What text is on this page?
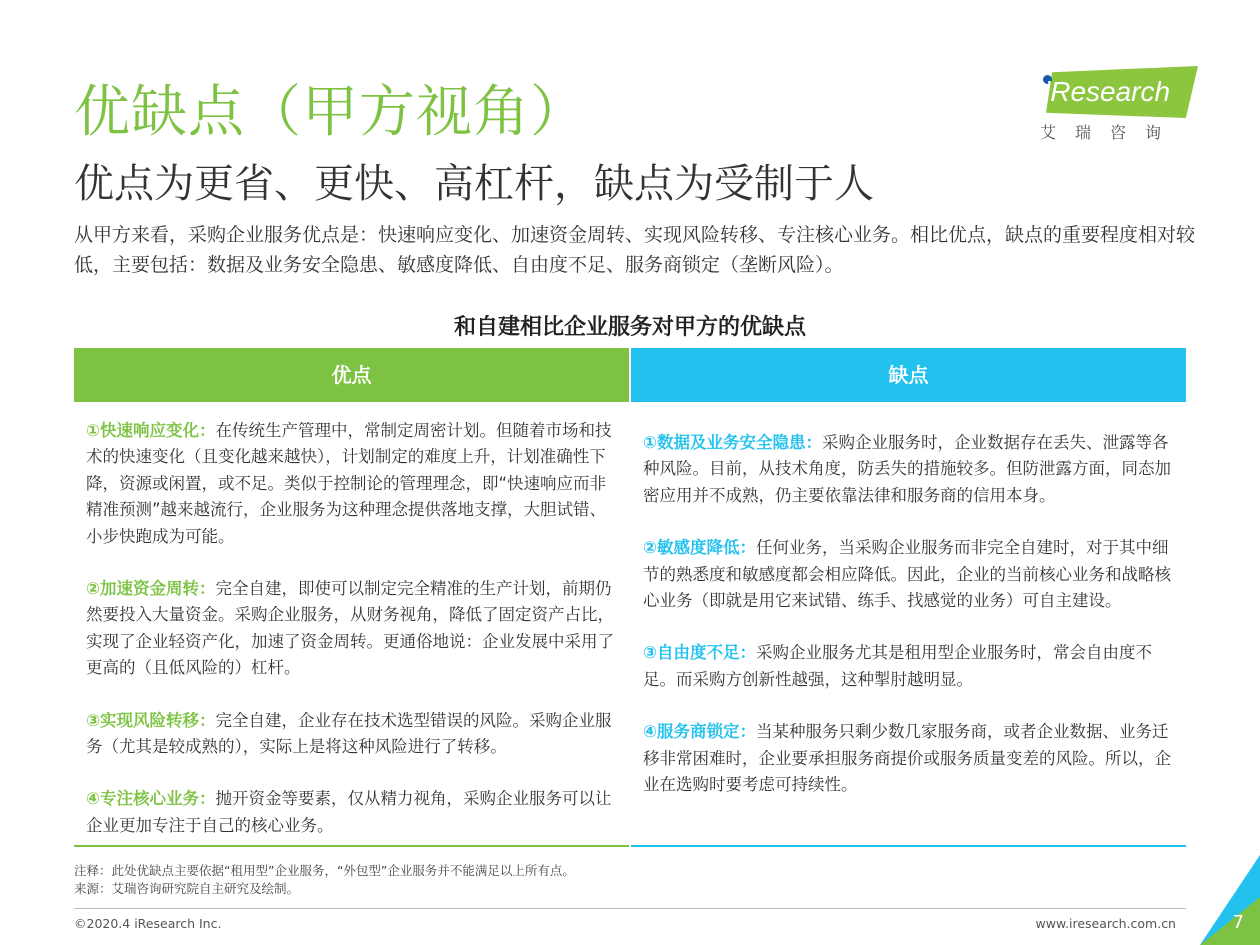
优缺点（甲方视角）
优点为更省、更快、高杠杆，缺点为受制于人
iResearch
艾瑞咨询
从甲方来看，采购企业服务优点是：快速响应变化、加速资金周转、实现风险转移、专注核心业务。相比优点，缺点的重要程度相对较低，主要包括：数据及业务安全隐患、敏感度降低、自由度不足、服务商锁定（垄断风险）。
和自建相比企业服务对甲方的优缺点
优点	缺点
①快速响应变化：在传统生产管理中，常制定周密计划。但随着市场和技术的快速变化（且变化越来越快），计划制定的难度上升，计划准确性下降，资源或闲置，或不足。类似于控制论的管理理念，即“快速响应而非精准预测”越来越流行，企业服务为这种理念提供落地支撑，大胆试错、小步快跑成为可能。
②加速资金周转：完全自建，即使可以制定完全精准的生产计划，前期仍然要投入大量资金。采购企业服务，从财务视角，降低了固定资产占比，实现了企业轻资产化，加速了资金周转。更通俗地说：企业发展中采用了更高的（且低风险的）杠杆。
③实现风险转移：完全自建，企业存在技术选型错误的风险。采购企业服务（尤其是较成熟的），实际上是将这种风险进行了转移。
④专注核心业务：抛开资金等要素，仅从精力视角，采购企业服务可以让企业更加专注于自己的核心业务。
①数据及业务安全隐患：采购企业服务时，企业数据存在丢失、泄露等各种风险。目前，从技术角度，防丢失的措施较多。但防泄露方面，同态加密应用并不成熟，仍主要依靠法律和服务商的信用本身。
②敏感度降低：任何业务，当采购企业服务而非完全自建时，对于其中细节的熟悉度和敏感度都会相应降低。因此，企业的当前核心业务和战略核心业务（即就是用它来试错、练手、找感觉的业务）可自主建设。
③自由度不足：采购企业服务尤其是租用型企业服务时，常会自由度不足。而采购方创新性越强，这种掣肘越明显。
④服务商锁定：当某种服务只剩少数几家服务商，或者企业数据、业务迁移非常困难时，企业要承担服务商提价或服务质量变差的风险。所以，企业在选购时要考虑可持续性。
注释：此处优缺点主要依据“租用型”企业服务，“外包型”企业服务并不能满足以上所有点。
来源：艾瑞咨询研究院自主研究及绘制。
©2020.4 iResearch Inc.	www.iresearch.com.cn	7
